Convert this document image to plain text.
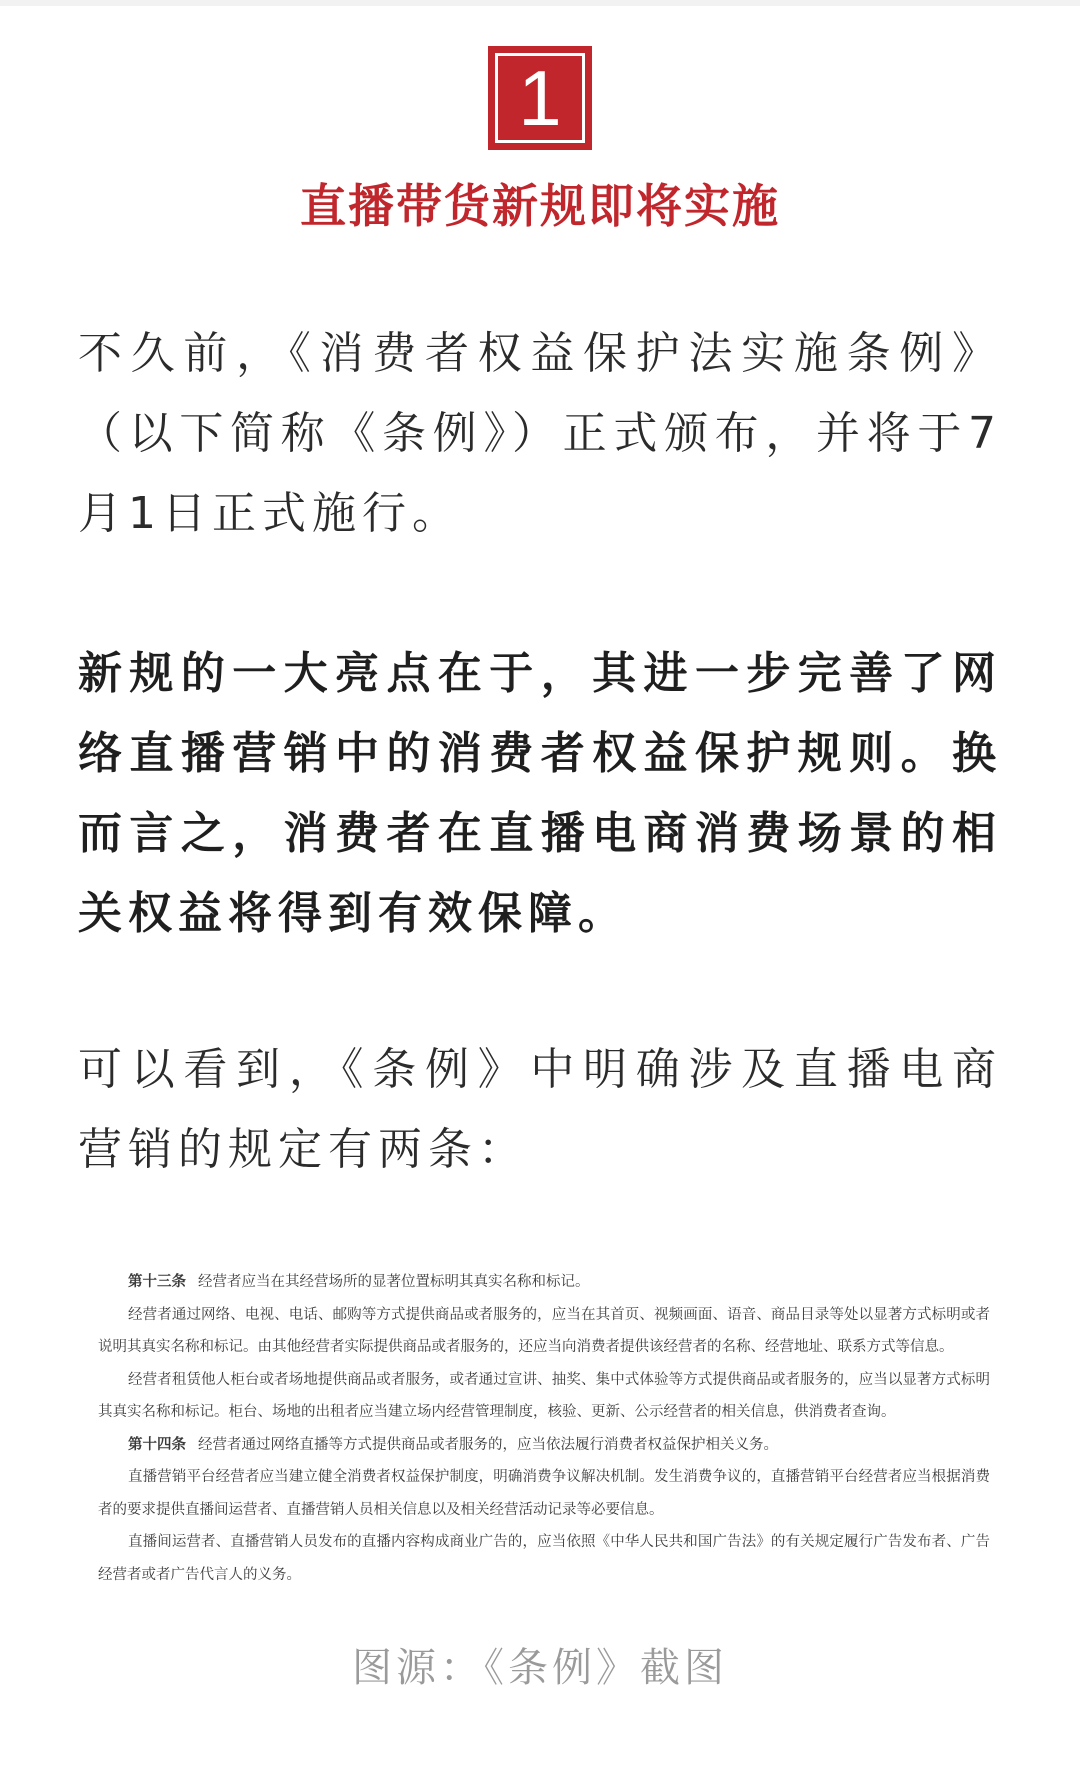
1
直播带货新规即将实施

不久前，《消费者权益保护法实施条例》（以下简称《条例》）正式颁布，并将于7月1日正式施行。

新规的一大亮点在于，其进一步完善了网络直播营销中的消费者权益保护规则。换而言之，消费者在直播电商消费场景的相关权益将得到有效保障。

可以看到，《条例》中明确涉及直播电商营销的规定有两条：

第十三条 经营者应当在其经营场所的显著位置标明其真实名称和标记。

经营者通过网络、电视、电话、邮购等方式提供商品或者服务的，应当在其首页、视频画面、语音、商品目录等处以显著方式标明或者说明其真实名称和标记。由其他经营者实际提供商品或者服务的，还应当向消费者提供该经营者的名称、经营地址、联系方式等信息。

经营者租赁他人柜台或者场地提供商品或者服务，或者通过宣讲、抽奖、集中式体验等方式提供商品或者服务的，应当以显著方式标明其真实名称和标记。柜台、场地的出租者应当建立场内经营管理制度，核验、更新、公示经营者的相关信息，供消费者查询。

第十四条 经营者通过网络直播等方式提供商品或者服务的，应当依法履行消费者权益保护相关义务。

直播营销平台经营者应当建立健全消费者权益保护制度，明确消费争议解决机制。发生消费争议的，直播营销平台经营者应当根据消费者的要求提供直播间运营者、直播营销人员相关信息以及相关经营活动记录等必要信息。

直播间运营者、直播营销人员发布的直播内容构成商业广告的，应当依照《中华人民共和国广告法》的有关规定履行广告发布者、广告经营者或者广告代言人的义务。

图源：《条例》截图
